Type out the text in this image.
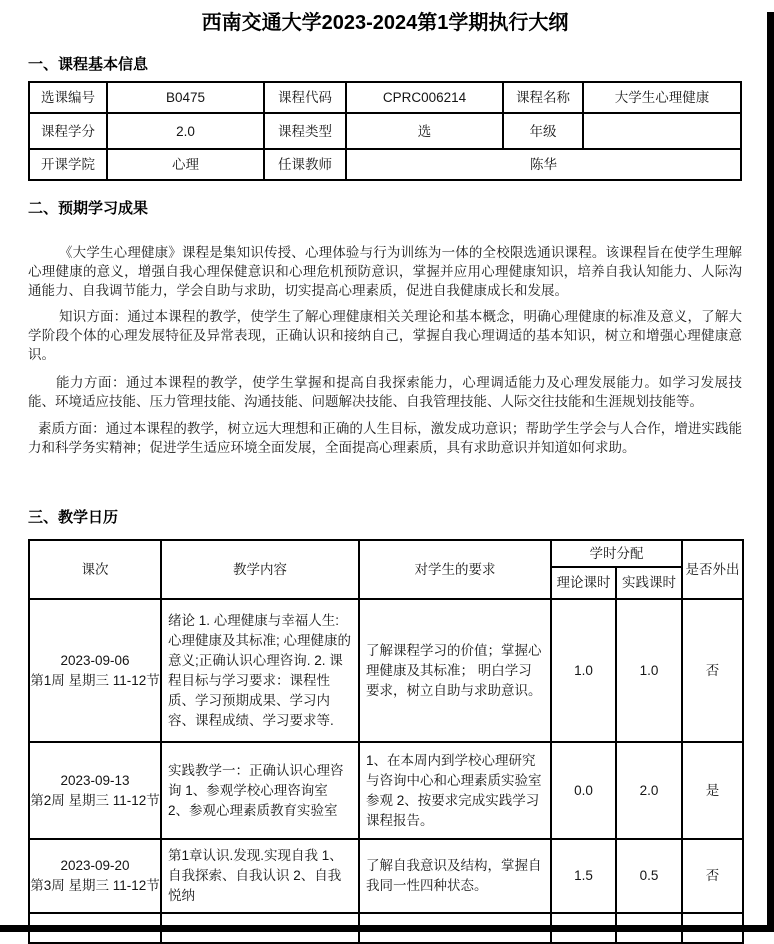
西南交通大学2023-2024第1学期执行大纲
一、课程基本信息
选课编号	B0475	课程代码	CPRC006214	课程名称	大学生心理健康
课程学分	2.0	课程类型	选	年级	
开课学院	心理	任课教师	陈华		
二、预期学习成果

《大学生心理健康》课程是集知识传授、心理体验与行为训练为一体的全校限选通识课程。该课程旨在使学生理解心理健康的意义，增强自我心理保健意识和心理危机预防意识，掌握并应用心理健康知识，培养自我认知能力、人际沟通能力、自我调节能力，学会自助与求助，切实提高心理素质，促进自我健康成长和发展。

知识方面：通过本课程的教学，使学生了解心理健康相关关理论和基本概念，明确心理健康的标准及意义，了解大学阶段个体的心理发展特征及异常表现，正确认识和接纳自己，掌握自我心理调适的基本知识，树立和增强心理健康意识。

能力方面：通过本课程的教学，使学生掌握和提高自我探索能力，心理调适能力及心理发展能力。如学习发展技能、环境适应技能、压力管理技能、沟通技能、问题解决技能、自我管理技能、人际交往技能和生涯规划技能等。

素质方面：通过本课程的教学，树立远大理想和正确的人生目标，激发成功意识；帮助学生学会与人合作，增进实践能力和科学务实精神；促进学生适应环境全面发展，全面提高心理素质，具有求助意识并知道如何求助。

三、教学日历
课次	教学内容	对学生的要求	学时分配		是否外出
			理论课时	实践课时	

2023-09-06
第1周 星期三 11-12节	绪论 1. 心理健康与幸福人生:心理健康及其标准; 心理健康的意义;正确认识心理咨询. 2. 课程目标与学习要求：课程性质、学习预期成果、学习内容、课程成绩、学习要求等.	了解课程学习的价值；掌握心理健康及其标准； 明白学习要求，树立自助与求助意识。	1.0	1.0	否

2023-09-13
第2周 星期三 11-12节	实践教学一：正确认识心理咨询 1、参观学校心理咨询室 2、参观心理素质教育实验室	1、在本周内到学校心理研究与咨询中心和心理素质实验室参观 2、按要求完成实践学习课程报告。	0.0	2.0	是

2023-09-20
第3周 星期三 11-12节	第1章认识.发现.实现自我 1、自我探索、自我认识 2、自我悦纳	了解自我意识及结构，掌握自我同一性四种状态。	1.5	0.5	否
